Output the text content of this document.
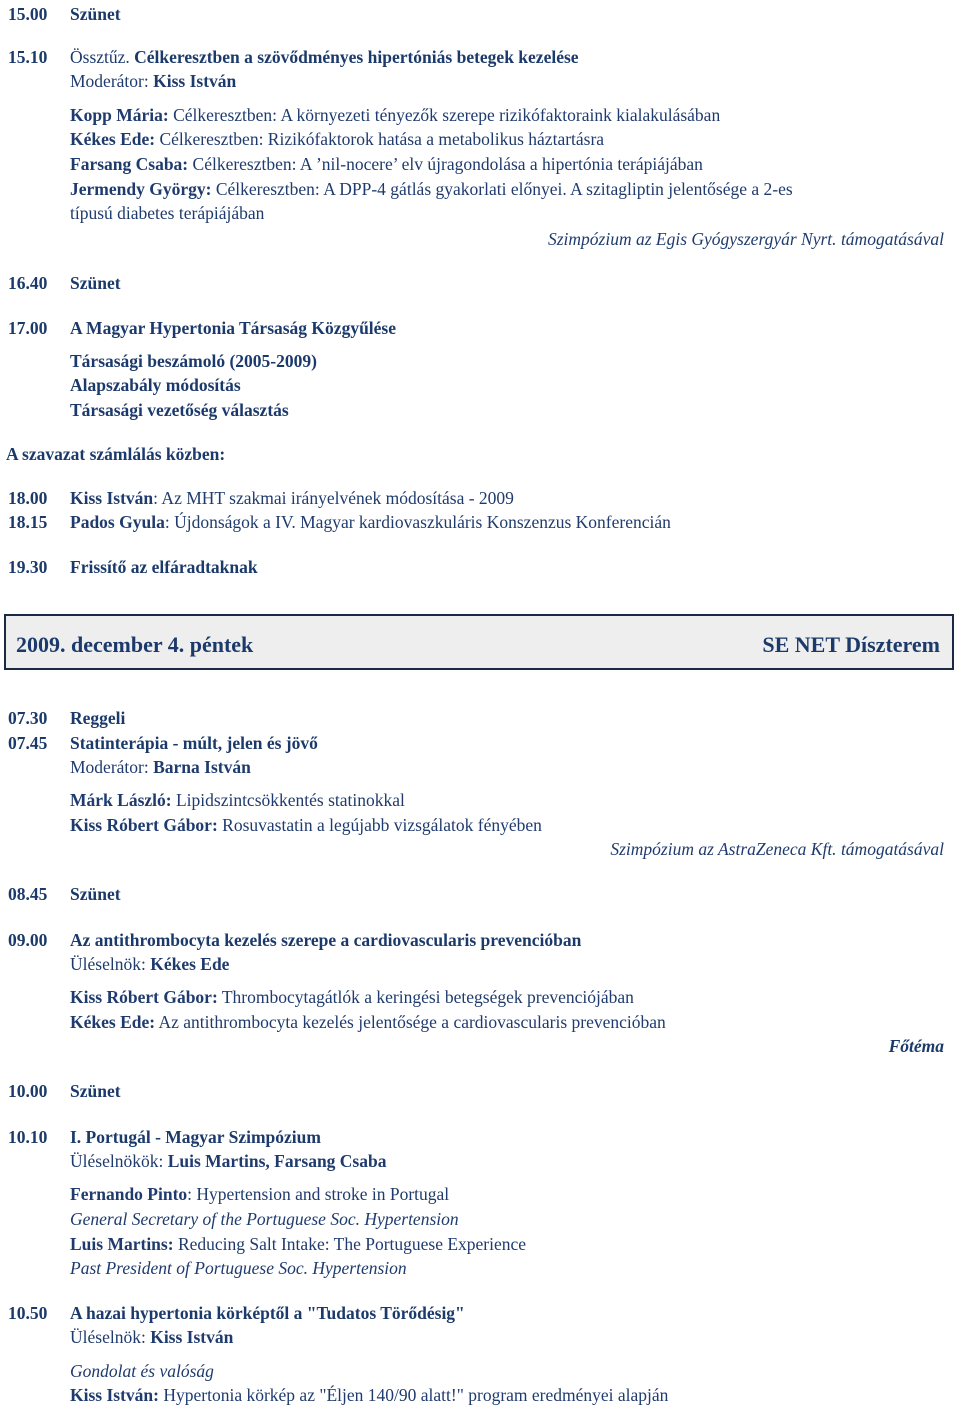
15.00 Szünet
15.10 Össztűz. Célkeresztben a szövődményes hipertóniás betegek kezelése
Moderátor: Kiss István
Kopp Mária: Célkeresztben: A környezeti tényezők szerepe rizikófaktoraink kialakulásában
Kékes Ede: Célkeresztben: Rizikófaktorok hatása a metabolikus háztartásra
Farsang Csaba: Célkeresztben: A ’nil-nocere’ elv újragondolása a hipertónia terápiájában
Jermendy György: Célkeresztben: A DPP-4 gátlás gyakorlati előnyei. A szitagliptin jelentősége a 2-es
típusú diabetes terápiájában
Szimpózium az Egis Gyógyszergyár Nyrt. támogatásával
16.40 Szünet
17.00 A Magyar Hypertonia Társaság Közgyűlése
Társasági beszámoló (2005-2009)
Alapszabály módosítás
Társasági vezetőség választás
A szavazat számlálás közben:
18.00 Kiss István: Az MHT szakmai irányelvének módosítása - 2009
18.15 Pados Gyula: Újdonságok a IV. Magyar kardiovaszkuláris Konszenzus Konferencián
19.30 Frissítő az elfáradtaknak
2009. december 4. péntek	SE NET Díszterem
07.30 Reggeli
07.45 Statinterápia - múlt, jelen és jövő
Moderátor: Barna István
Márk László: Lipidszintcsökkentés statinokkal
Kiss Róbert Gábor: Rosuvastatin a legújabb vizsgálatok fényében
Szimpózium az AstraZeneca Kft. támogatásával
08.45 Szünet
09.00 Az antithrombocyta kezelés szerepe a cardiovascularis prevencióban
Üléselnök: Kékes Ede
Kiss Róbert Gábor: Thrombocytagátlók a keringési betegségek prevenciójában
Kékes Ede: Az antithrombocyta kezelés jelentősége a cardiovascularis prevencióban
Főtéma
10.00 Szünet
10.10 I. Portugál - Magyar Szimpózium
Üléselnökök: Luis Martins, Farsang Csaba
Fernando Pinto: Hypertension and stroke in Portugal
General Secretary of the Portuguese Soc. Hypertension
Luis Martins: Reducing Salt Intake: The Portuguese Experience
Past President of Portuguese Soc. Hypertension
10.50 A hazai hypertonia körképtől a "Tudatos Törődésig"
Üléselnök: Kiss István
Gondolat és valóság
Kiss István: Hypertonia körkép az "Éljen 140/90 alatt!" program eredményei alapján
